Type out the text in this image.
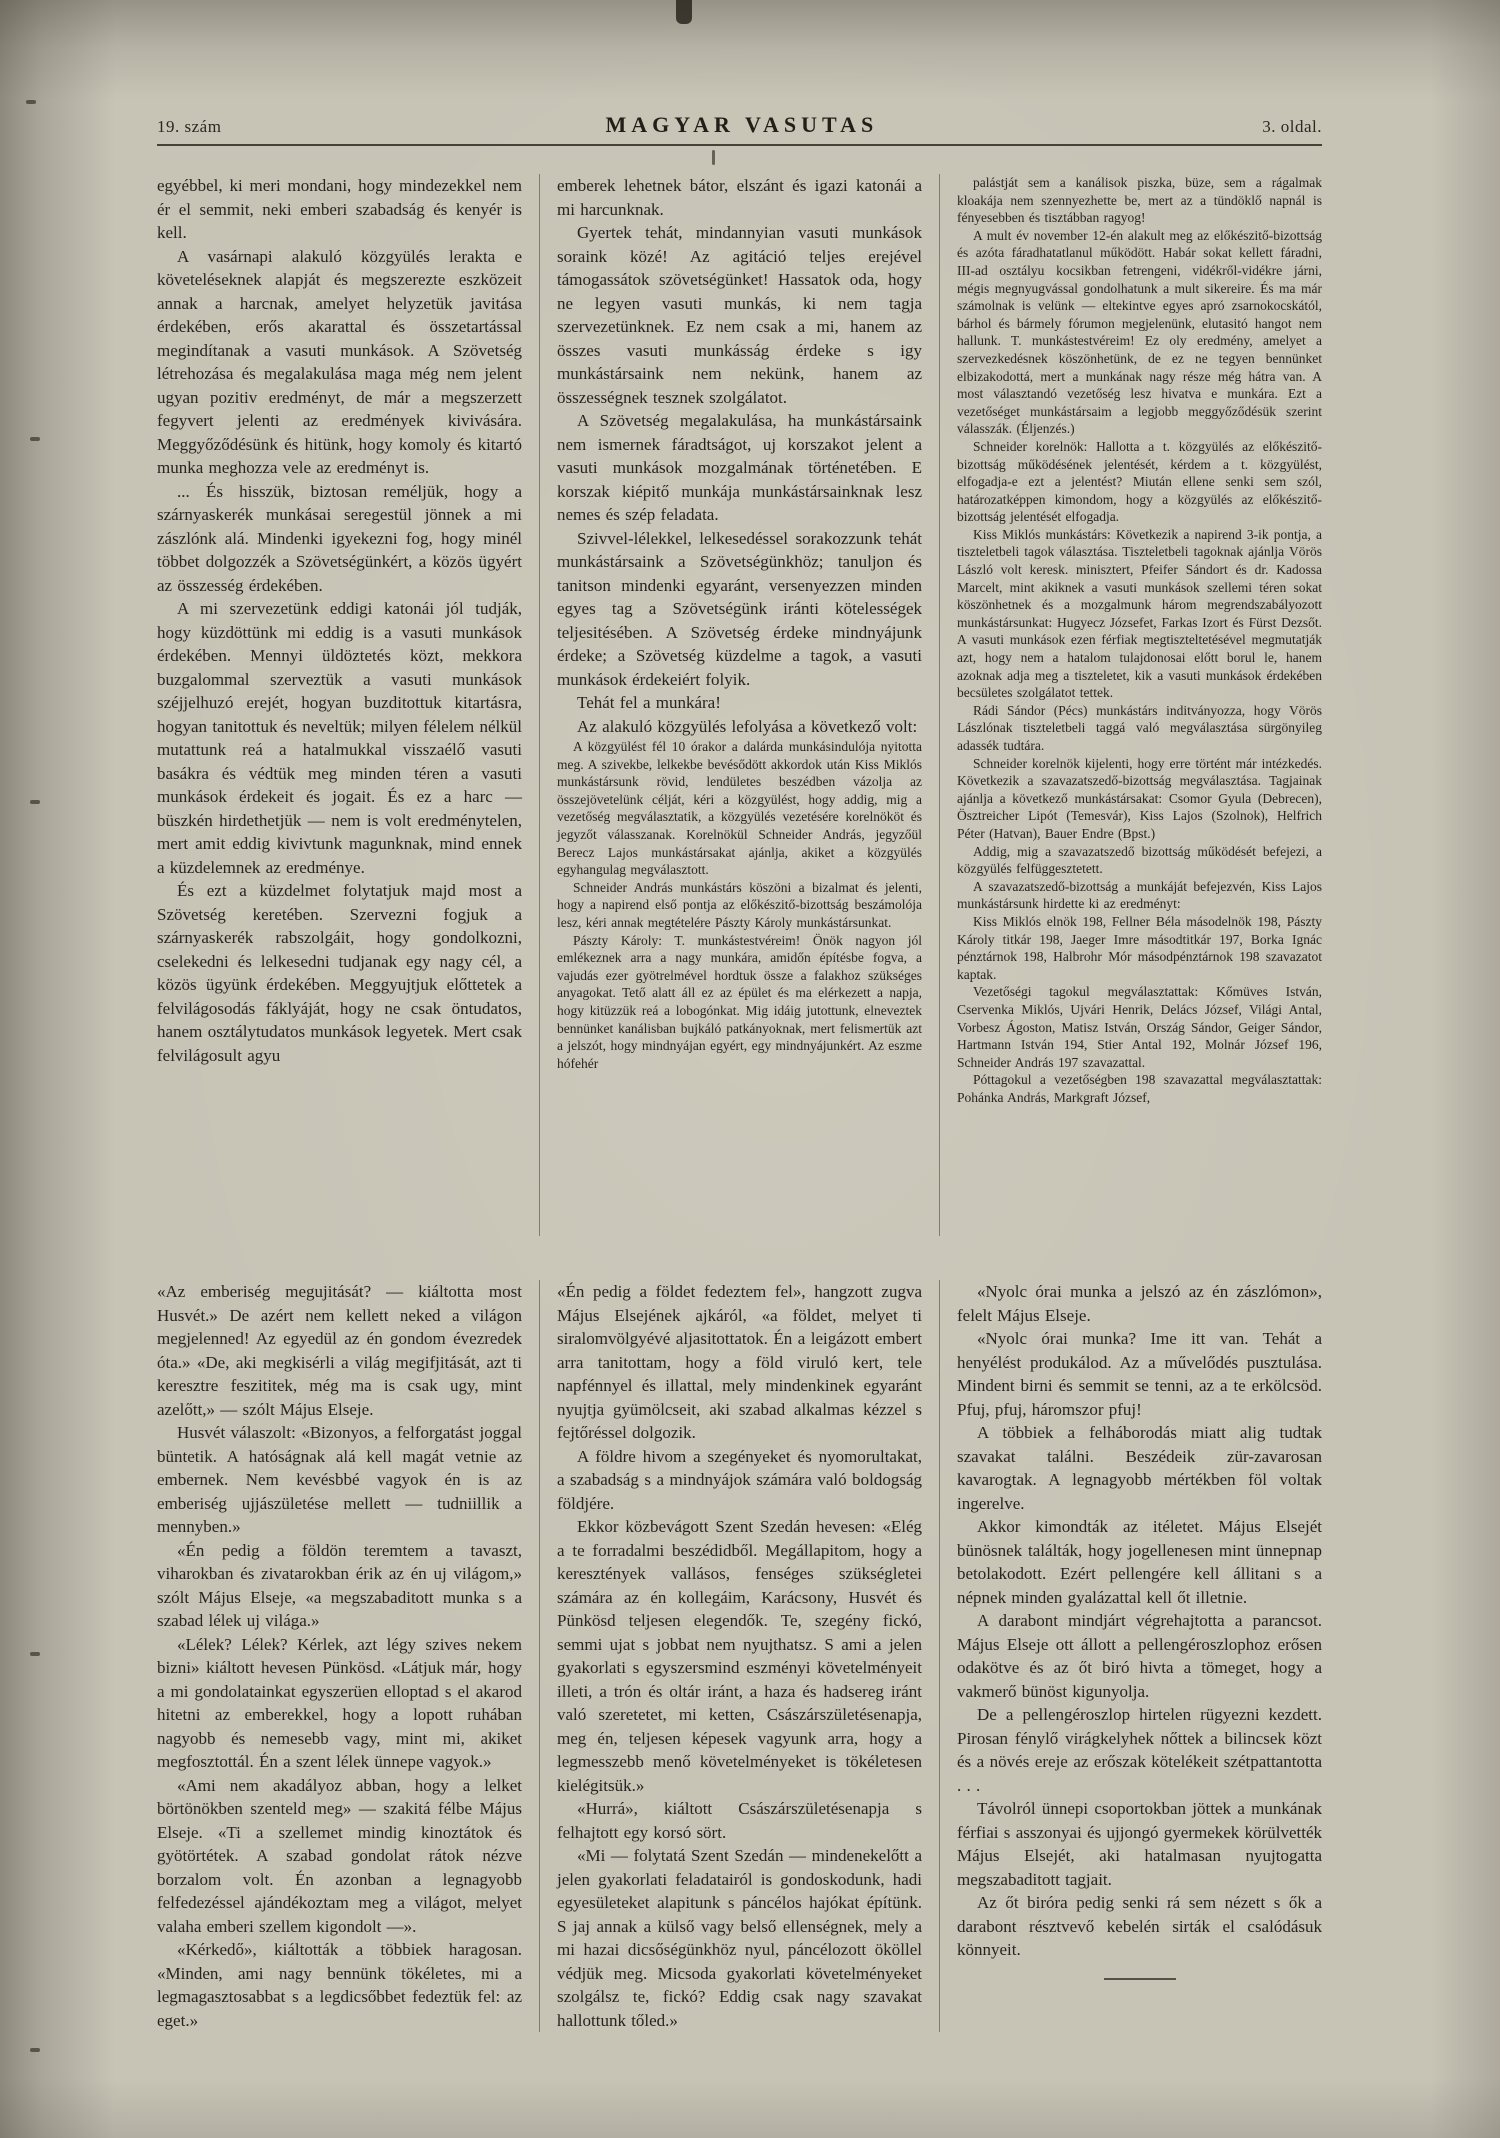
19. szám	MAGYAR VASUTAS	3. oldal.

egyébbel, ki meri mondani, hogy mindezekkel nem ér el semmit, neki emberi szabadság és kenyér is kell.

A vasárnapi alakuló közgyülés lerakta e követeléseknek alapját és megszerezte eszközeit annak a harcnak, amelyet helyzetük javitása érdekében, erős akarattal és összetartással megindítanak a vasuti munkások. A Szövetség létrehozása és megalakulása maga még nem jelent ugyan pozitiv eredményt, de már a megszerzett fegyvert jelenti az eredmények kivivására. Meggyőződésünk és hitünk, hogy komoly és kitartó munka meghozza vele az eredményt is.

... És hisszük, biztosan reméljük, hogy a szárnyaskerék munkásai seregestül jönnek a mi zászlónk alá. Mindenki igyekezni fog, hogy minél többet dolgozzék a Szövetségünkért, a közös ügyért az összesség érdekében.

A mi szervezetünk eddigi katonái jól tudják, hogy küzdöttünk mi eddig is a vasuti munkások érdekében. Mennyi üldöztetés közt, mekkora buzgalommal szerveztük a vasuti munkások széjjelhuzó erejét, hogyan buzditottuk kitartásra, hogyan tanitottuk és neveltük; milyen félelem nélkül mutattunk reá a hatalmukkal visszaélő vasuti basákra és védtük meg minden téren a vasuti munkások érdekeit és jogait. És ez a harc — büszkén hirdethetjük — nem is volt eredménytelen, mert amit eddig kivivtunk magunknak, mind ennek a küzdelemnek az eredménye.

És ezt a küzdelmet folytatjuk majd most a Szövetség keretében. Szervezni fogjuk a szárnyaskerék rabszolgáit, hogy gondolkozni, cselekedni és lelkesedni tudjanak egy nagy cél, a közös ügyünk érdekében. Meggyujtjuk előttetek a felvilágosodás fáklyáját, hogy ne csak öntudatos, hanem osztálytudatos munkások legyetek. Mert csak felvilágosult agyu

emberek lehetnek bátor, elszánt és igazi katonái a mi harcunknak.

Gyertek tehát, mindannyian vasuti munkások soraink közé! Az agitáció teljes erejével támogassátok szövetségünket! Hassatok oda, hogy ne legyen vasuti munkás, ki nem tagja szervezetünknek. Ez nem csak a mi, hanem az összes vasuti munkásság érdeke s igy munkástársaink nem nekünk, hanem az összességnek tesznek szolgálatot.

A Szövetség megalakulása, ha munkástársaink nem ismernek fáradtságot, uj korszakot jelent a vasuti munkások mozgalmának történetében. E korszak kiépitő munkája munkástársainknak lesz nemes és szép feladata.

Szivvel-lélekkel, lelkesedéssel sorakozzunk tehát munkástársaink a Szövetségünkhöz; tanuljon és tanitson mindenki egyaránt, versenyezzen minden egyes tag a Szövetségünk iránti kötelességek teljesitésében. A Szövetség érdeke mindnyájunk érdeke; a Szövetség küzdelme a tagok, a vasuti munkások érdekeiért folyik.

Tehát fel a munkára!

Az alakuló közgyülés lefolyása a következő volt:

A közgyülést fél 10 órakor a dalárda munkásindulója nyitotta meg. A szivekbe, lelkekbe bevésődött akkordok után Kiss Miklós munkástársunk rövid, lendületes beszédben vázolja az összejövetelünk célját, kéri a közgyülést, hogy addig, mig a vezetőség megválasztatik, a közgyülés vezetésére korelnököt és jegyzőt válasszanak. Korelnökül Schneider András, jegyzőül Berecz Lajos munkástársakat ajánlja, akiket a közgyülés egyhangulag megválasztott.

Schneider András munkástárs köszöni a bizalmat és jelenti, hogy a napirend első pontja az előkészitő-bizottság beszámolója lesz, kéri annak megtételére Pászty Károly munkástársunkat.

Pászty Károly: T. munkástestvéreim! Önök nagyon jól emlékeznek arra a nagy munkára, amidőn építésbe fogva, a vajudás ezer gyötrelmével hordtuk össze a falakhoz szükséges anyagokat. Tető alatt áll ez az épület és ma elérkezett a napja, hogy kitüzzük reá a lobogónkat. Mig idáig jutottunk, elneveztek bennünket kanálisban bujkáló patkányoknak, mert felismertük azt a jelszót, hogy mindnyájan egyért, egy mindnyájunkért. Az eszme hófehér

palástját sem a kanálisok piszka, büze, sem a rágalmak kloakája nem szennyezhette be, mert az a tündöklő napnál is fényesebben és tisztábban ragyog!

A mult év november 12-én alakult meg az előkészitő-bizottság és azóta fáradhatatlanul működött. Habár sokat kellett fáradni, III-ad osztályu kocsikban fetrengeni, vidékről-vidékre járni, mégis megnyugvással gondolhatunk a mult sikereire. És ma már számolnak is velünk — eltekintve egyes apró zsarnokocskától, bárhol és bármely fórumon megjelenünk, elutasitó hangot nem hallunk. T. munkástestvéreim! Ez oly eredmény, amelyet a szervezkedésnek köszönhetünk, de ez ne tegyen bennünket elbizakodottá, mert a munkának nagy része még hátra van. A most választandó vezetőség lesz hivatva e munkára. Ezt a vezetőséget munkástársaim a legjobb meggyőződésük szerint válasszák. (Éljenzés.)

Schneider korelnök: Hallotta a t. közgyülés az előkészitő-bizottság működésének jelentését, kérdem a t. közgyülést, elfogadja-e ezt a jelentést? Miután ellene senki sem szól, határozatképpen kimondom, hogy a közgyülés az előkészitő-bizottság jelentését elfogadja.

Kiss Miklós munkástárs: Következik a napirend 3-ik pontja, a tiszteletbeli tagok választása. Tiszteletbeli tagoknak ajánlja Vörös László volt keresk. minisztert, Pfeifer Sándort és dr. Kadossa Marcelt, mint akiknek a vasuti munkások szellemi téren sokat köszönhetnek és a mozgalmunk három megrendszabályozott munkástársunkat: Hugyecz Józsefet, Farkas Izort és Fürst Dezsőt. A vasuti munkások ezen férfiak megtiszteltetésével megmutatják azt, hogy nem a hatalom tulajdonosai előtt borul le, hanem azoknak adja meg a tiszteletet, kik a vasuti munkások érdekében becsületes szolgálatot tettek.

Rádi Sándor (Pécs) munkástárs inditványozza, hogy Vörös Lászlónak tiszteletbeli taggá való megválasztása sürgönyileg adassék tudtára.

Schneider korelnök kijelenti, hogy erre történt már intézkedés. Következik a szavazatszedő-bizottság megválasztása. Tagjainak ajánlja a következő munkástársakat: Csomor Gyula (Debrecen), Ösztreicher Lipót (Temesvár), Kiss Lajos (Szolnok), Helfrich Péter (Hatvan), Bauer Endre (Bpst.)

Addig, mig a szavazatszedő bizottság működését befejezi, a közgyülés felfüggesztetett.

A szavazatszedő-bizottság a munkáját befejezvén, Kiss Lajos munkástársunk hirdette ki az eredményt:

Kiss Miklós elnök 198, Fellner Béla másodelnök 198, Pászty Károly titkár 198, Jaeger Imre másodtitkár 197, Borka Ignác pénztárnok 198, Halbrohr Mór másodpénztárnok 198 szavazatot kaptak.

Vezetőségi tagokul megválasztattak: Kőmüves István, Cservenka Miklós, Ujvári Henrik, Delács József, Világi Antal, Vorbesz Ágoston, Matisz István, Ország Sándor, Geiger Sándor, Hartmann István 194, Stier Antal 192, Molnár József 196, Schneider András 197 szavazattal.

Póttagokul a vezetőségben 198 szavazattal megválasztattak: Pohánka András, Markgraft József,

«Az emberiség megujitását? — kiáltotta most Husvét.» De azért nem kellett neked a világon megjelenned! Az egyedül az én gondom évezredek óta.» «De, aki megkisérli a világ megifjitását, azt ti keresztre feszititek, még ma is csak ugy, mint azelőtt,» — szólt Május Elseje.

Husvét válaszolt: «Bizonyos, a felforgatást joggal büntetik. A hatóságnak alá kell magát vetnie az embernek. Nem kevésbbé vagyok én is az emberiség ujjászületése mellett — tudniillik a mennyben.»

«Én pedig a földön teremtem a tavaszt, viharokban és zivatarokban érik az én uj világom,» szólt Május Elseje, «a megszabaditott munka s a szabad lélek uj világa.»

«Lélek? Lélek? Kérlek, azt légy szives nekem bizni» kiáltott hevesen Pünkösd. «Látjuk már, hogy a mi gondolatainkat egyszerüen elloptad s el akarod hitetni az emberekkel, hogy a lopott ruhában nagyobb és nemesebb vagy, mint mi, akiket megfosztottál. Én a szent lélek ünnepe vagyok.»

«Ami nem akadályoz abban, hogy a lelket börtönökben szenteld meg» — szakitá félbe Május Elseje. «Ti a szellemet mindig kinoztátok és gyötörtétek. A szabad gondolat rátok nézve borzalom volt. Én azonban a legnagyobb felfedezéssel ajándékoztam meg a világot, melyet valaha emberi szellem kigondolt —».

«Kérkedő», kiáltották a többiek haragosan. «Minden, ami nagy bennünk tökéletes, mi a legmagasztosabbat s a legdicsőbbet fedeztük fel: az eget.»

«Én pedig a földet fedeztem fel», hangzott zugva Május Elsejének ajkáról, «a földet, melyet ti siralomvölgyévé aljasitottatok. Én a leigázott embert arra tanitottam, hogy a föld viruló kert, tele napfénnyel és illattal, mely mindenkinek egyaránt nyujtja gyümölcseit, aki szabad alkalmas kézzel s fejtőréssel dolgozik.

A földre hivom a szegényeket és nyomorultakat, a szabadság s a mindnyájok számára való boldogság földjére.

Ekkor közbevágott Szent Szedán hevesen: «Elég a te forradalmi beszédidből. Megállapitom, hogy a keresztények vallásos, fenséges szükségletei számára az én kollegáim, Karácsony, Husvét és Pünkösd teljesen elegendők. Te, szegény fickó, semmi ujat s jobbat nem nyujthatsz. S ami a jelen gyakorlati s egyszersmind eszményi követelményeit illeti, a trón és oltár iránt, a haza és hadsereg iránt való szeretetet, mi ketten, Császárszületésenapja, meg én, teljesen képesek vagyunk arra, hogy a legmesszebb menő követelményeket is tökéletesen kielégitsük.»

«Hurrá», kiáltott Császárszületésenapja s felhajtott egy korsó sört.

«Mi — folytatá Szent Szedán — mindenekelőtt a jelen gyakorlati feladatairól is gondoskodunk, hadi egyesületeket alapitunk s páncélos hajókat építünk. S jaj annak a külső vagy belső ellenségnek, mely a mi hazai dicsőségünkhöz nyul, páncélozott ököllel védjük meg. Micsoda gyakorlati követelményeket szolgálsz te, fickó? Eddig csak nagy szavakat hallottunk tőled.»

«Nyolc órai munka a jelszó az én zászlómon», felelt Május Elseje.

«Nyolc órai munka? Ime itt van. Tehát a henyélést produkálod. Az a művelődés pusztulása. Mindent birni és semmit se tenni, az a te erkölcsöd. Pfuj, pfuj, háromszor pfuj!

A többiek a felháborodás miatt alig tudtak szavakat találni. Beszédeik zür-zavarosan kavarogtak. A legnagyobb mértékben föl voltak ingerelve.

Akkor kimondták az itéletet. Május Elsejét bünösnek találták, hogy jogellenesen mint ünnepnap betolakodott. Ezért pellengére kell állitani s a népnek minden gyalázattal kell őt illetnie.

A darabont mindjárt végrehajtotta a parancsot. Május Elseje ott állott a pellengéroszlophoz erősen odakötve és az őt biró hivta a tömeget, hogy a vakmerő bünöst kigunyolja.

De a pellengéroszlop hirtelen rügyezni kezdett. Pirosan fénylő virágkelyhek nőttek a bilincsek közt és a növés ereje az erőszak kötelékeit szétpattantotta . . .

Távolról ünnepi csoportokban jöttek a munkának férfiai s asszonyai és ujjongó gyermekek körülvették Május Elsejét, aki hatalmasan nyujtogatta megszabaditott tagjait.

Az őt biróra pedig senki rá sem nézett s ők a darabont résztvevő kebelén sirták el csalódásuk könnyeit.
